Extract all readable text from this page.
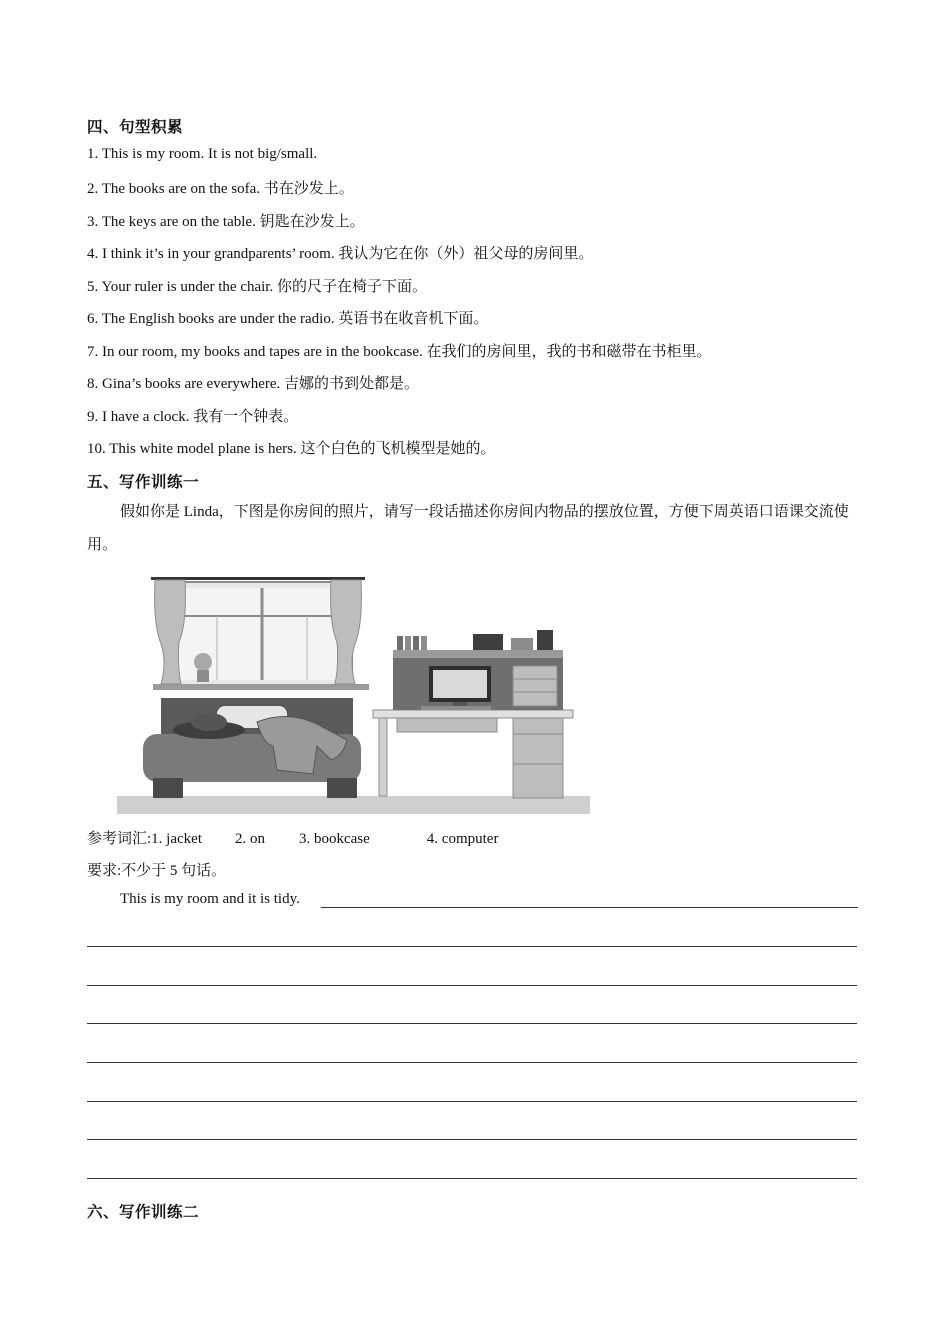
四、句型积累
1. This is my room. It is not big/small.
2. The books are on the sofa. 书在沙发上。
3. The keys are on the table. 钥匙在沙发上。
4. I think it’s in your grandparents’ room. 我认为它在你（外）祖父母的房间里。
5. Your ruler is under the chair. 你的尺子在椅子下面。
6. The English books are under the radio. 英语书在收音机下面。
7. In our room, my books and tapes are in the bookcase. 在我们的房间里，我的书和磁带在书柜里。
8. Gina’s books are everywhere. 吉娜的书到处都是。
9. I have a clock. 我有一个钟表。
10. This white model plane is hers. 这个白色的飞机模型是她的。
五、写作训练一
假如你是 Linda，下图是你房间的照片，请写一段话描述你房间内物品的摆放位置，方便下周英语口语课交流使用。
参考词汇:1. jacket 2. on 3. bookcase	4. computer
要求:不少于 5 句话。
This is my room and it is tidy.
六、写作训练二
